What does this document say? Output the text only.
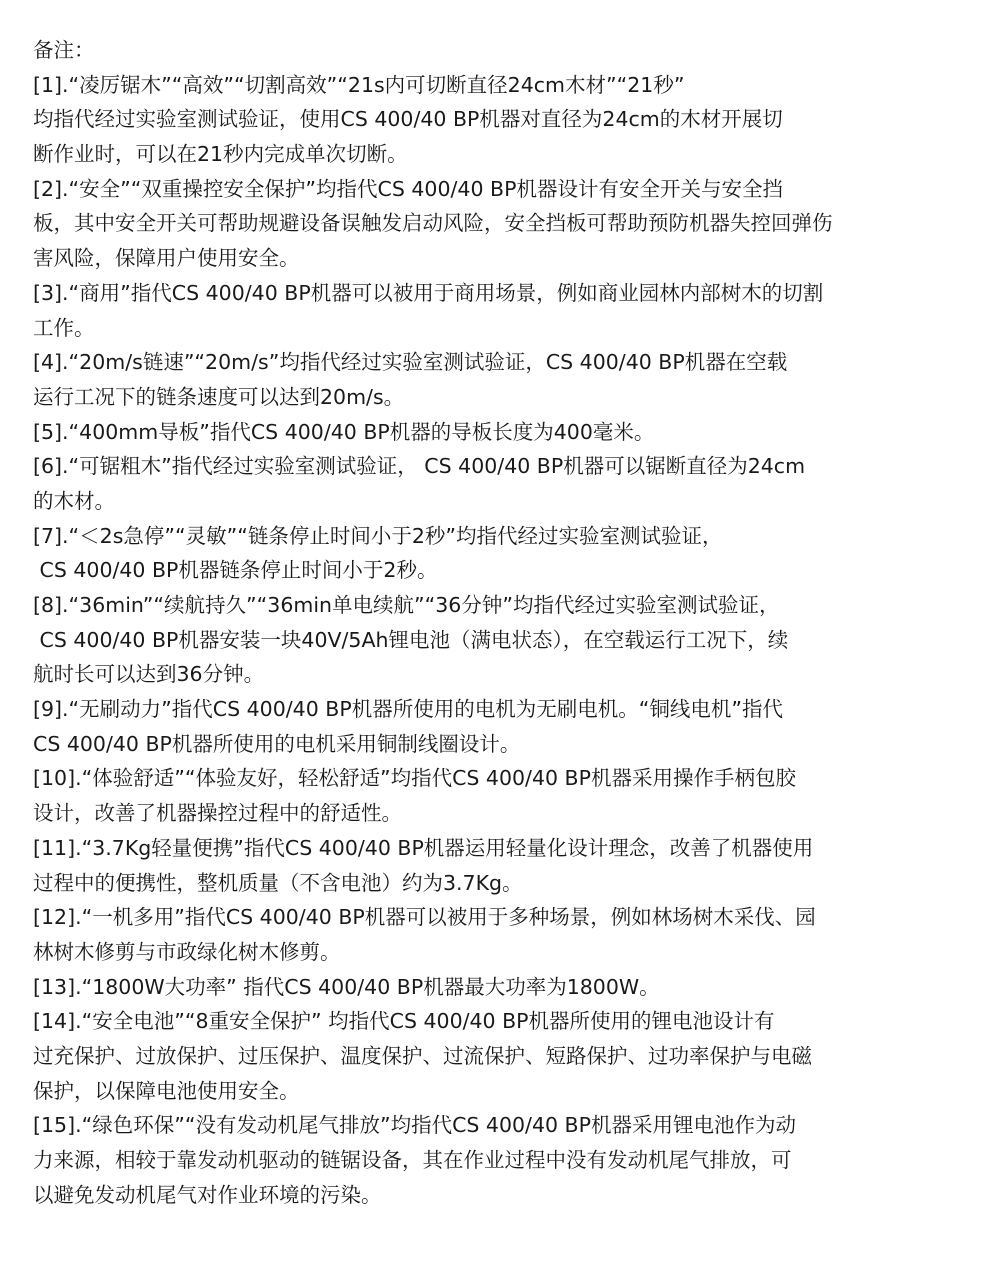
备注：
[1].“凌厉锯木”“高效”“切割高效”“21s内可切断直径24cm木材”“21秒”
均指代经过实验室测试验证，使用CS 400/40 BP机器对直径为24cm的木材开展切
断作业时，可以在21秒内完成单次切断。
[2].“安全”“双重操控安全保护”均指代CS 400/40 BP机器设计有安全开关与安全挡
板，其中安全开关可帮助规避设备误触发启动风险，安全挡板可帮助预防机器失控回弹伤
害风险，保障用户使用安全。
[3].“商用”指代CS 400/40 BP机器可以被用于商用场景，例如商业园林内部树木的切割
工作。
[4].“20m/s链速”“20m/s”均指代经过实验室测试验证，CS 400/40 BP机器在空载
运行工况下的链条速度可以达到20m/s。
[5].“400mm导板”指代CS 400/40 BP机器的导板长度为400毫米。
[6].“可锯粗木”指代经过实验室测试验证， CS 400/40 BP机器可以锯断直径为24cm
的木材。
[7].“＜2s急停”“灵敏”“链条停止时间小于2秒”均指代经过实验室测试验证，
CS 400/40 BP机器链条停止时间小于2秒。
[8].“36min”“续航持久”“36min单电续航”“36分钟”均指代经过实验室测试验证，
CS 400/40 BP机器安装一块40V/5Ah锂电池（满电状态），在空载运行工况下，续
航时长可以达到36分钟。
[9].“无刷动力”指代CS 400/40 BP机器所使用的电机为无刷电机。“铜线电机”指代
CS 400/40 BP机器所使用的电机采用铜制线圈设计。
[10].“体验舒适”“体验友好，轻松舒适”均指代CS 400/40 BP机器采用操作手柄包胶
设计，改善了机器操控过程中的舒适性。
[11].“3.7Kg轻量便携”指代CS 400/40 BP机器运用轻量化设计理念，改善了机器使用
过程中的便携性，整机质量（不含电池）约为3.7Kg。
[12].“一机多用”指代CS 400/40 BP机器可以被用于多种场景，例如林场树木采伐、园
林树木修剪与市政绿化树木修剪。
[13].“1800W大功率” 指代CS 400/40 BP机器最大功率为1800W。
[14].“安全电池”“8重安全保护” 均指代CS 400/40 BP机器所使用的锂电池设计有
过充保护、过放保护、过压保护、温度保护、过流保护、短路保护、过功率保护与电磁
保护，以保障电池使用安全。
[15].“绿色环保”“没有发动机尾气排放”均指代CS 400/40 BP机器采用锂电池作为动
力来源，相较于靠发动机驱动的链锯设备，其在作业过程中没有发动机尾气排放，可
以避免发动机尾气对作业环境的污染。
